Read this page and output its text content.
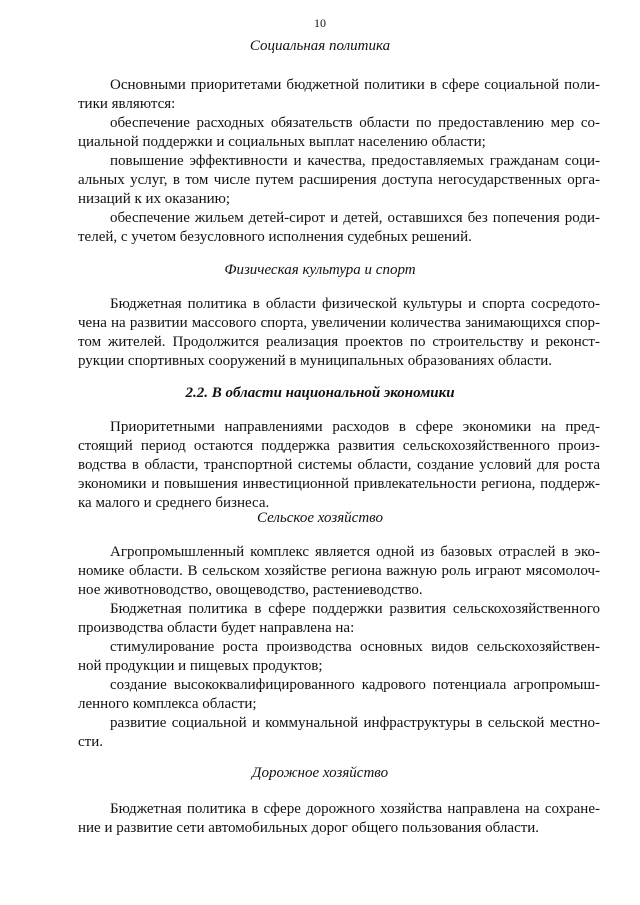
10
Социальная политика
Основными приоритетами бюджетной политики в сфере социальной поли-
тики являются:
обеспечение расходных обязательств области по предоставлению мер со-
циальной поддержки и социальных выплат населению области;
повышение эффективности и качества, предоставляемых гражданам соци-
альных услуг, в том числе путем расширения доступа негосударственных орга-
низаций к их оказанию;
обеспечение жильем детей-сирот и детей, оставшихся без попечения роди-
телей, с учетом безусловного исполнения судебных решений.
Физическая культура и спорт
Бюджетная политика в области физической культуры и спорта сосредото-
чена на развитии массового спорта, увеличении количества занимающихся спор-
том жителей. Продолжится реализация проектов по строительству и реконст-
рукции спортивных сооружений в муниципальных образованиях области.
2.2. В области национальной экономики
Приоритетными направлениями расходов в сфере экономики на пред-
стоящий период остаются поддержка развития сельскохозяйственного произ-
водства в области, транспортной системы области, создание условий для роста
экономики и повышения инвестиционной привлекательности региона, поддерж-
ка малого и среднего бизнеса.
Сельское хозяйство
Агропромышленный комплекс является одной из базовых отраслей в эко-
номике области. В сельском хозяйстве региона важную роль играют мясомолоч-
ное животноводство, овощеводство, растениеводство.
Бюджетная политика в сфере поддержки развития сельскохозяйственного
производства области будет направлена на:
стимулирование роста производства основных видов сельскохозяйствен-
ной продукции и пищевых продуктов;
создание высококвалифицированного кадрового потенциала агропромыш-
ленного комплекса области;
развитие социальной и коммунальной инфраструктуры в сельской местно-
сти.
Дорожное хозяйство
Бюджетная политика в сфере дорожного хозяйства направлена на сохране-
ние и развитие сети автомобильных дорог общего пользования области.
